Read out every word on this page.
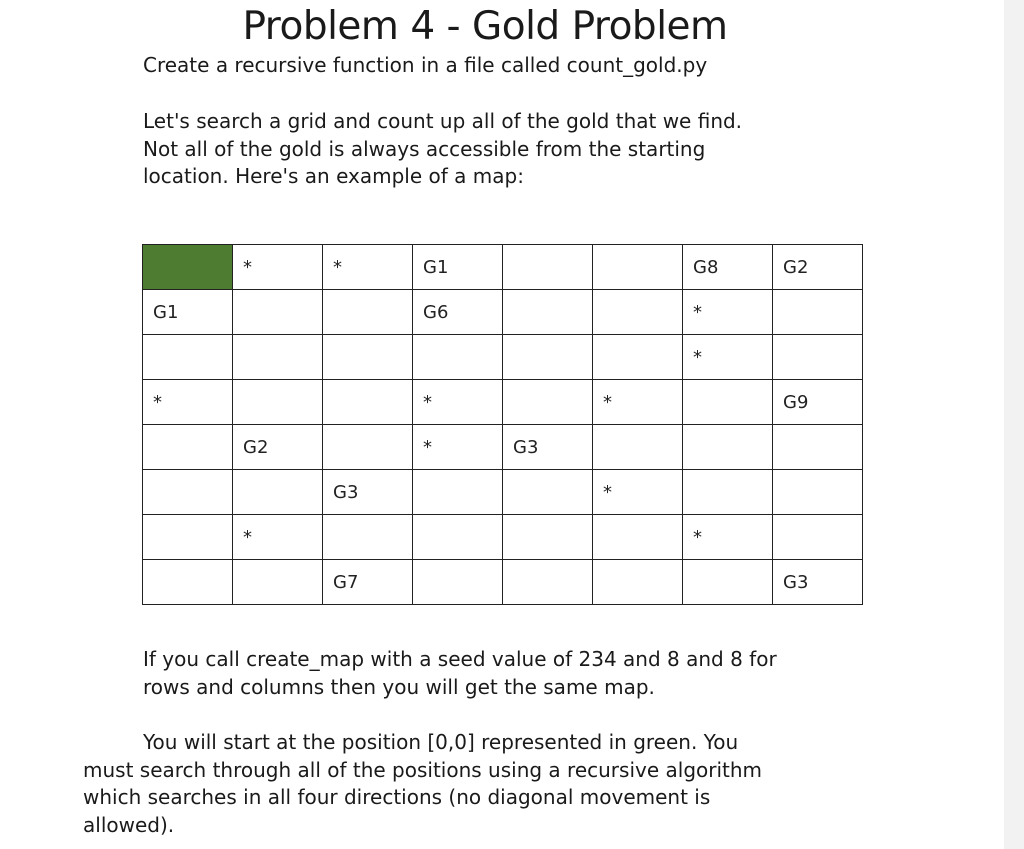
Problem 4 - Gold Problem
Create a recursive function in a file called count_gold.py
Let's search a grid and count up all of the gold that we find.
Not all of the gold is always accessible from the starting
location. Here's an example of a map:
	*	*	G1			G8	G2
G1			G6			*	
						*	
*			*		*		G9
	G2		*	G3			
		G3			*		
	*					*	
		G7					G3
If you call create_map with a seed value of 234 and 8 and 8 for
rows and columns then you will get the same map.
You will start at the position [0,0] represented in green. You
must search through all of the positions using a recursive algorithm
which searches in all four directions (no diagonal movement is
allowed).
